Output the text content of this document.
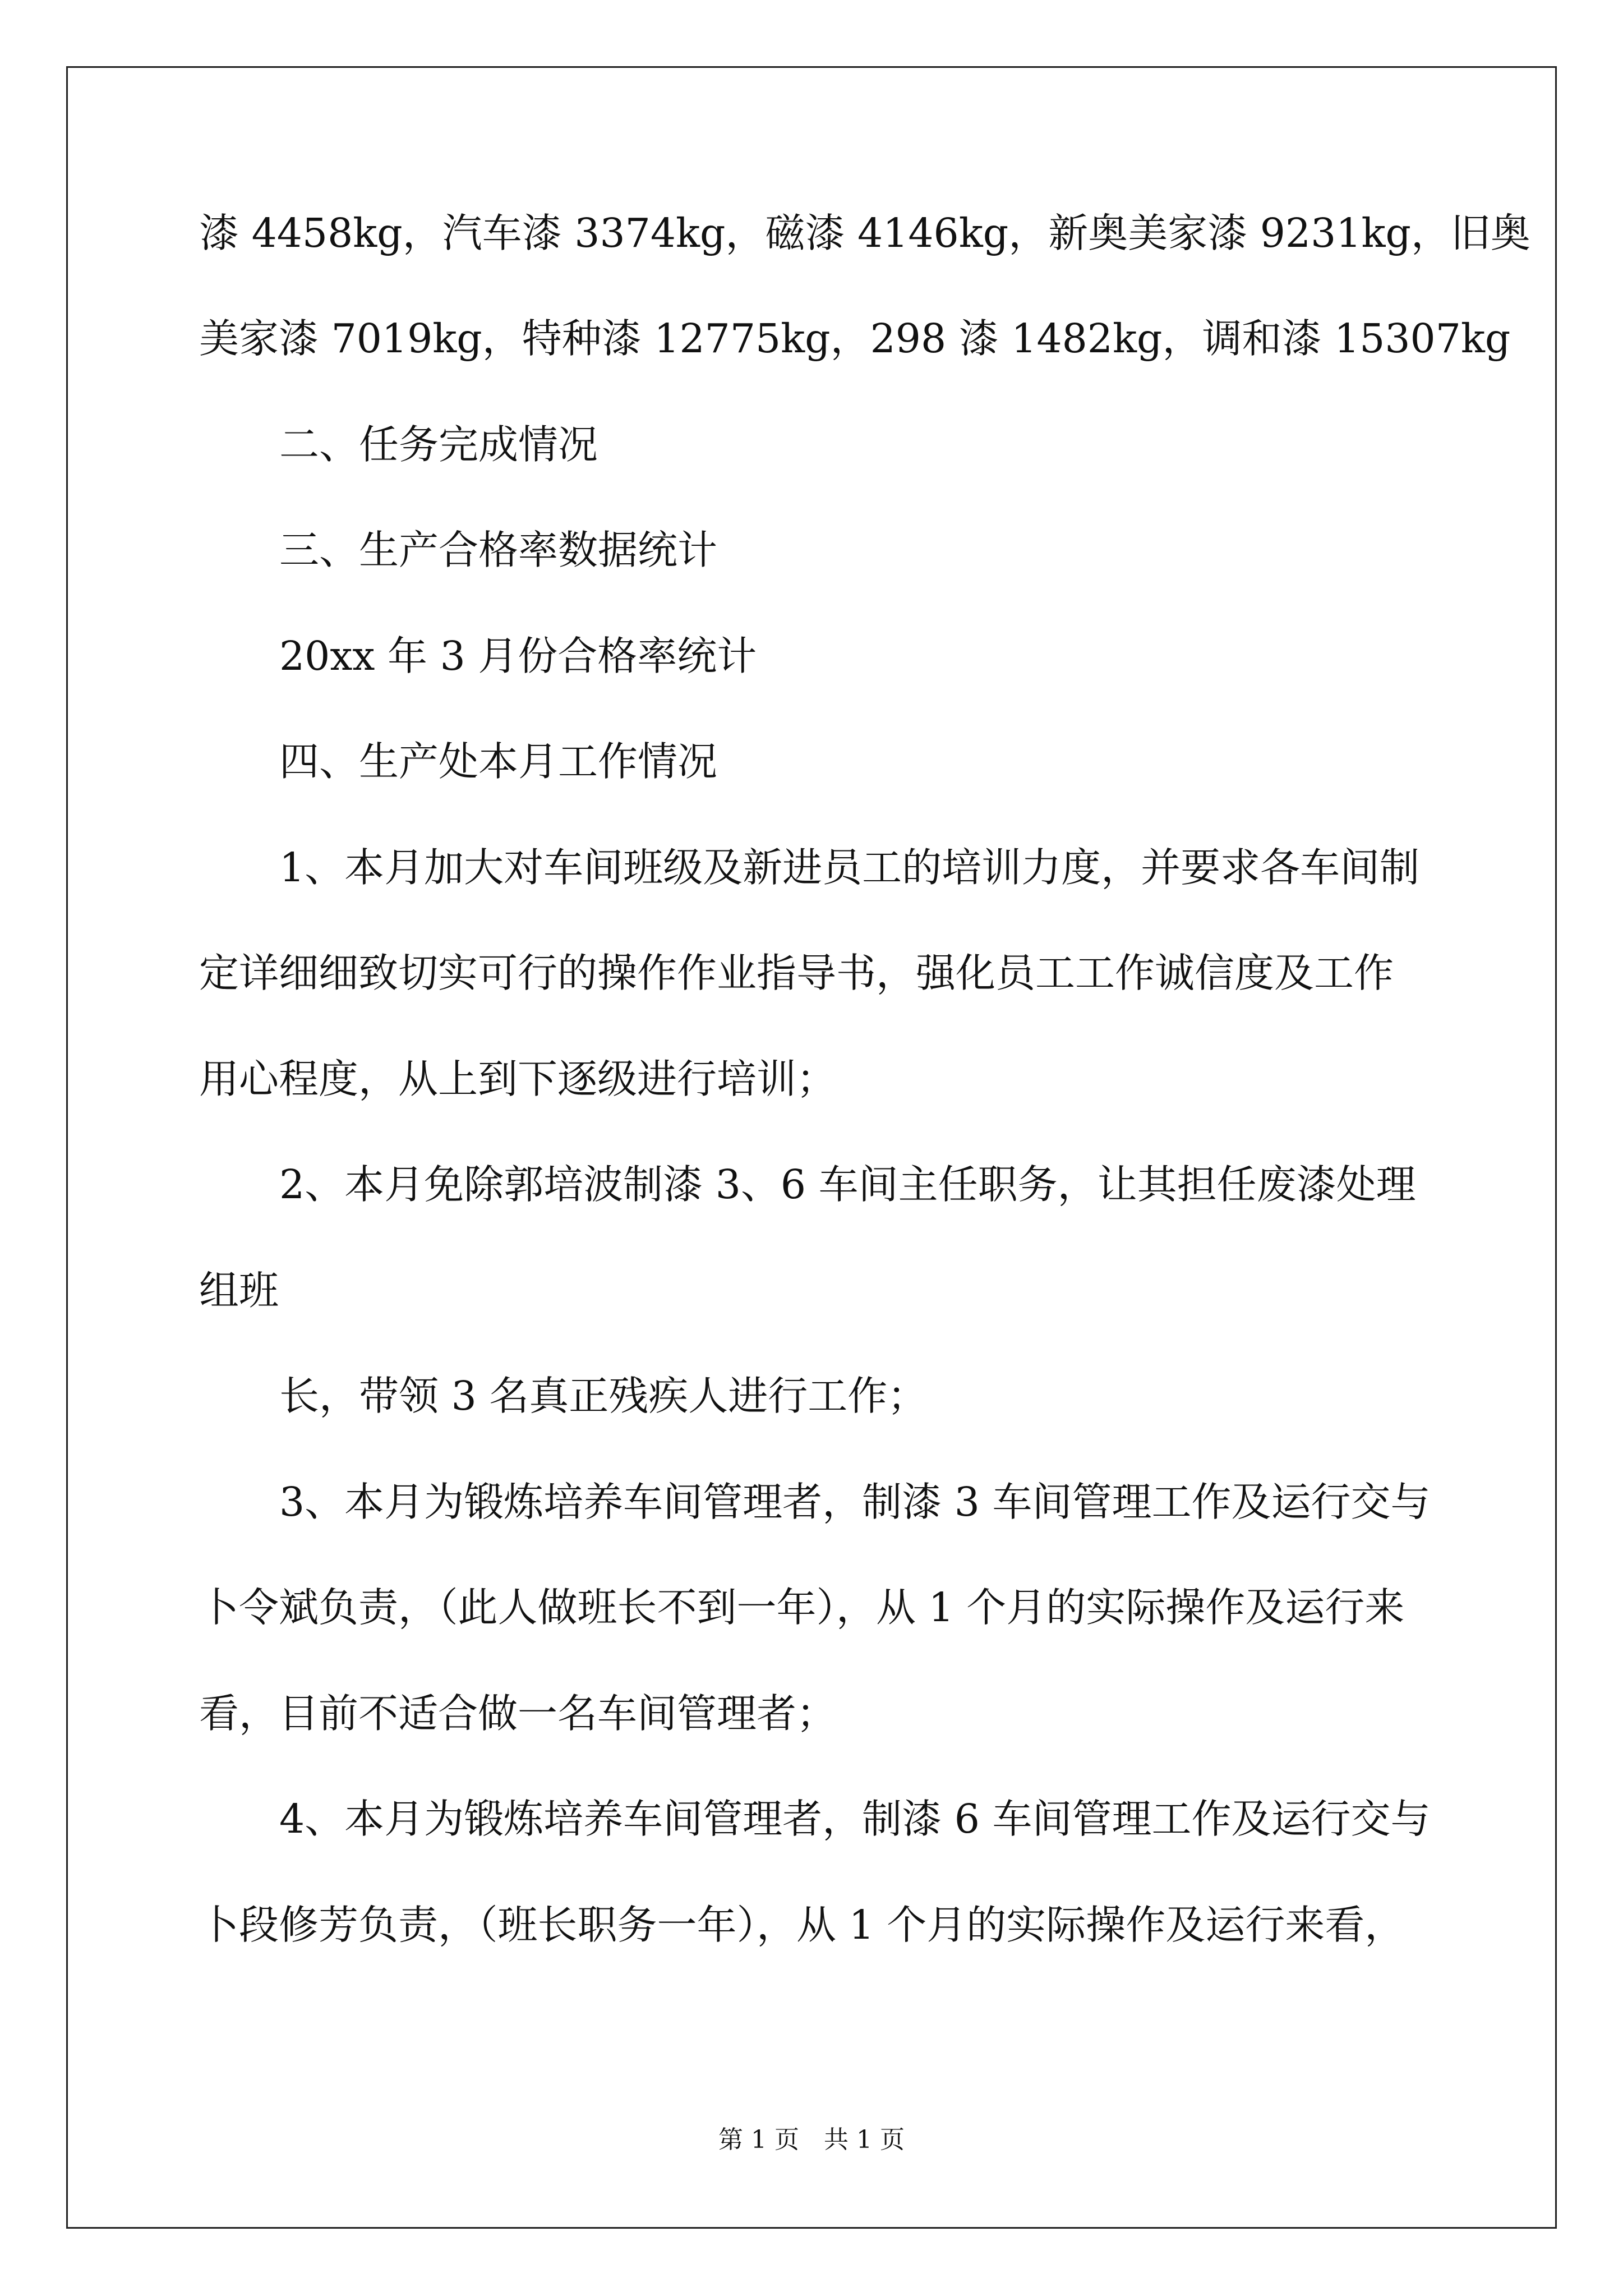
漆 4458kg，汽车漆 3374kg，磁漆 4146kg，新奥美家漆 9231kg，旧奥
美家漆 7019kg，特种漆 12775kg，298 漆 1482kg，调和漆 15307kg
二、任务完成情况
三、生产合格率数据统计
20xx 年 3 月份合格率统计
四、生产处本月工作情况
1、本月加大对车间班级及新进员工的培训力度，并要求各车间制
定详细细致切实可行的操作作业指导书，强化员工工作诚信度及工作
用心程度，从上到下逐级进行培训；
2、本月免除郭培波制漆 3、6 车间主任职务，让其担任废漆处理
组班
长，带领 3 名真正残疾人进行工作；
3、本月为锻炼培养车间管理者，制漆 3 车间管理工作及运行交与
卜令斌负责，（此人做班长不到一年），从 1 个月的实际操作及运行来
看，目前不适合做一名车间管理者；
4、本月为锻炼培养车间管理者，制漆 6 车间管理工作及运行交与
卜段修芳负责，（班长职务一年），从 1 个月的实际操作及运行来看，
第 1 页　共 1 页
